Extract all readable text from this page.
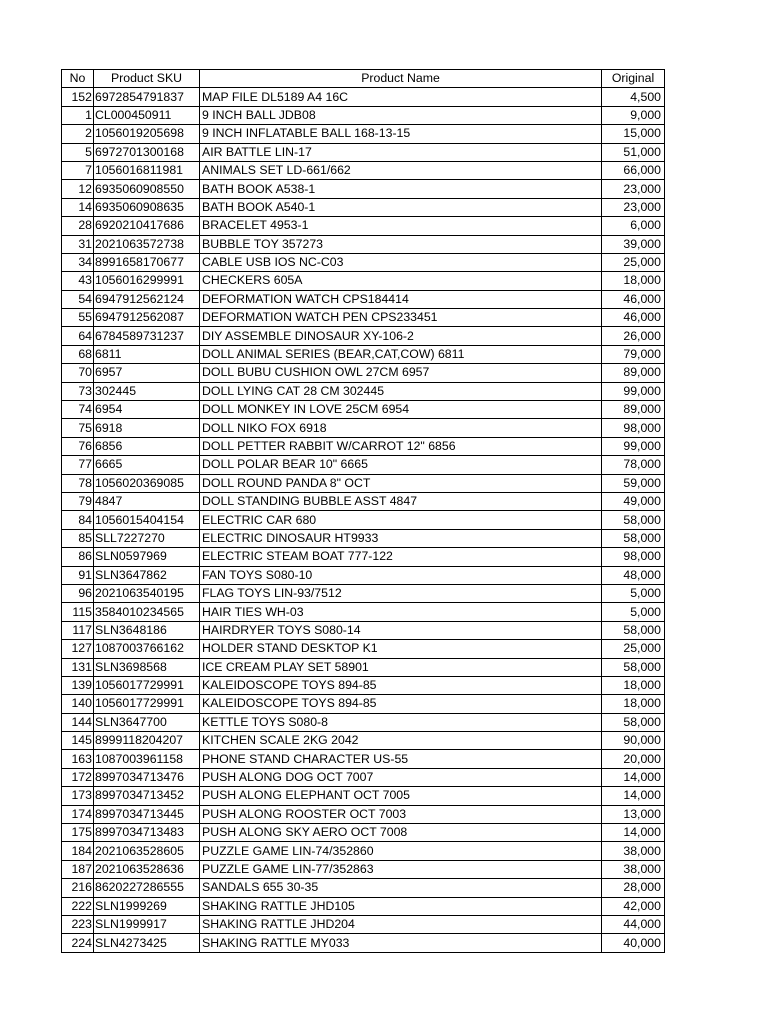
No	Product SKU	Product Name	Original
152	6972854791837	MAP FILE DL5189 A4 16C	4,500
1	CL000450911	9 INCH BALL JDB08	9,000
2	1056019205698	9 INCH INFLATABLE BALL 168-13-15	15,000
5	6972701300168	AIR BATTLE LIN-17	51,000
7	1056016811981	ANIMALS SET LD-661/662	66,000
12	6935060908550	BATH BOOK A538-1	23,000
14	6935060908635	BATH BOOK A540-1	23,000
28	6920210417686	BRACELET 4953-1	6,000
31	2021063572738	BUBBLE TOY 357273	39,000
34	8991658170677	CABLE USB IOS NC-C03	25,000
43	1056016299991	CHECKERS 605A	18,000
54	6947912562124	DEFORMATION WATCH CPS184414	46,000
55	6947912562087	DEFORMATION WATCH PEN CPS233451	46,000
64	6784589731237	DIY ASSEMBLE DINOSAUR XY-106-2	26,000
68	6811	DOLL ANIMAL SERIES (BEAR,CAT,COW) 6811	79,000
70	6957	DOLL BUBU CUSHION OWL 27CM 6957	89,000
73	302445	DOLL LYING CAT 28 CM 302445	99,000
74	6954	DOLL MONKEY IN LOVE 25CM 6954	89,000
75	6918	DOLL NIKO FOX 6918	98,000
76	6856	DOLL PETTER RABBIT W/CARROT 12" 6856	99,000
77	6665	DOLL POLAR BEAR 10" 6665	78,000
78	1056020369085	DOLL ROUND PANDA 8" OCT	59,000
79	4847	DOLL STANDING BUBBLE ASST 4847	49,000
84	1056015404154	ELECTRIC CAR 680	58,000
85	SLL7227270	ELECTRIC DINOSAUR HT9933	58,000
86	SLN0597969	ELECTRIC STEAM BOAT 777-122	98,000
91	SLN3647862	FAN TOYS S080-10	48,000
96	2021063540195	FLAG TOYS LIN-93/7512	5,000
115	3584010234565	HAIR TIES WH-03	5,000
117	SLN3648186	HAIRDRYER TOYS S080-14	58,000
127	1087003766162	HOLDER STAND DESKTOP K1	25,000
131	SLN3698568	ICE CREAM PLAY SET 58901	58,000
139	1056017729991	KALEIDOSCOPE TOYS 894-85	18,000
140	1056017729991	KALEIDOSCOPE TOYS 894-85	18,000
144	SLN3647700	KETTLE TOYS S080-8	58,000
145	8999118204207	KITCHEN SCALE 2KG 2042	90,000
163	1087003961158	PHONE STAND CHARACTER US-55	20,000
172	8997034713476	PUSH ALONG DOG OCT 7007	14,000
173	8997034713452	PUSH ALONG ELEPHANT OCT 7005	14,000
174	8997034713445	PUSH ALONG ROOSTER OCT 7003	13,000
175	8997034713483	PUSH ALONG SKY AERO OCT 7008	14,000
184	2021063528605	PUZZLE GAME LIN-74/352860	38,000
187	2021063528636	PUZZLE GAME LIN-77/352863	38,000
216	8620227286555	SANDALS 655 30-35	28,000
222	SLN1999269	SHAKING RATTLE JHD105	42,000
223	SLN1999917	SHAKING RATTLE JHD204	44,000
224	SLN4273425	SHAKING RATTLE MY033	40,000
